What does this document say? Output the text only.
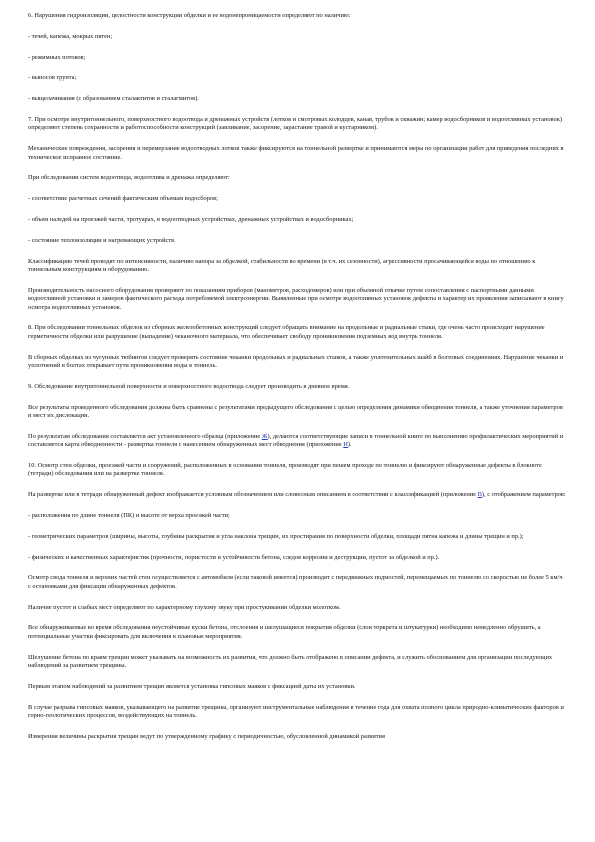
6. Нарушения гидроизоляции, целостности конструкции обделки и ее водонепроницаемости определяют по наличию:

- течей, капежа, мокрых пятен;

- режимных потоков;

- выносов грунта;

- выщелачивания (с образованием сталактитов и сталагмитов).

7. При осмотре внутритоннельного, поверхностного водоотвода и дренажных устройств (лотков и смотровых колодцев, канав, трубок и скважин; камер водосборников и водоотливных установок) определяют степень сохранности и работоспособности конструкций (заиливание, засорение, зарастание травой и кустарником).

Механические повреждения, засорения и перемерзание водоотводных лотков также фиксируются на тоннельной развертке и принимаются меры по организации работ для приведения последних в техническое исправное состояние.

При обследовании систем водоотвода, водоотлива и дренажа определяют:

- соответствие расчетных сечений фактическим объемам водосборов;

- объем наледей на проезжей части, тротуарах, в водоотводных устройствах, дренажных устройствах и водосборниках;

- состояние теплоизоляции и нагревающих устройств.

Классификацию течей проводят по интенсивности, наличию напора за обделкой, стабильности во времени (в т.ч. их сезонности), агрессивности просачивающейся воды по отношению к тоннельным конструкциям и оборудованию.

Производительность насосного оборудования проверяют по показаниям приборов (манометров, расходомеров) или при объемной откачке путем сопоставления с паспортными данными водоотливной установки и замеров фактического расхода потребляемой электроэнергии. Выявленные при осмотре водоотливных установок дефекты и характер их проявления записывают в книгу осмотра водоотливных установок.

8. При обследовании тоннельных обделок из сборных железобетонных конструкций следует обращать внимание на продольные и радиальные стыки, где очень часто происходит нарушение герметичности обделки или разрушение (выпадение) чеканочного материала, что обеспечивает свободу проникновения подземных вод внутрь тоннеля.

В сборных обделках из чугунных тюбингов следует проверять состояние чеканки продольных и радиальных стыков, а также уплотнительных шайб в болтовых соединениях. Нарушение чеканки и уплотнений в болтах открывает пути проникновения воды в тоннель.

9. Обследование внутритоннельной поверхности и поверхностного водоотвода следует производить в дневное время.

Все результаты проведенного обследования должны быть сравнены с результатами предыдущего обследования с целью определения динамики обводнения тоннеля, а также уточнения параметров и мест их дислокации.

По результатам обследования составляется акт установленного образца (приложение Ж), делаются соответствующие записи в тоннельной книге по выполнению профилактических мероприятий и составляется карта обводненности - развертка тоннеля с нанесением обнаруженных мест обводнения (приложение И).

10. Осмотр стен обделки, проезжей части и сооружений, расположенных в основании тоннеля, производят при пешем проходе по тоннелю и фиксируют обнаруженные дефекты в блокноте (тетради) обследования или на развертке тоннеля.

На развертке или в тетради обнаруженный дефект изображается условным обозначением или словесным описанием в соответствии с классификацией (приложение В), с отображением параметров:

- расположения по длине тоннеля (ПК) и высоте от верха проезжей части;

- геометрических параметров (ширины, высоты, глубины раскрытия и угла наклона трещин, их простирания по поверхности обделки, площади пятна капежа и длины трещин и пр.);

- физических и качественных характеристик (прочности, пористости и устойчивости бетона, следов коррозии и деструкции, пустот за обделкой и пр.).

Осмотр свода тоннеля и верхних частей стен осуществляется с автомобиля (если таковой имеется) производят с передвижных подмостей, перемещаемых по тоннелю со скоростью не более 5 км/ч с остановками для фиксации обнаруженных дефектов.

Наличие пустот и слабых мест определяют по характерному глухому звуку при простукивании обделки молотком.

Все обнаруживаемые во время обследования неустойчивые куски бетона, отслоения и шелушащиеся покрытия обделки (слои торкрета и штукатурки) необходимо немедленно обрушить, а потенциальные участки фиксировать для включения в плановые мероприятия.

Шелушение бетона по краям трещин может указывать на возможность их развития, что должно быть отображено в описании дефекта, и служить обоснованием для организации последующих наблюдений за развитием трещины.

Первым этапом наблюдений за развитием трещин является установка гипсовых маяков с фиксацией даты их установки.

В случае разрыва гипсовых маяков, указывающего на развитие трещины, организуют инструментальные наблюдения в течение года для охвата полного цикла природно-климатических факторов и горно-геологических процессов, воздействующих на тоннель.

Измерения величины раскрытия трещин ведут по утвержденному графику с периодичностью, обусловленной динамикой развития
